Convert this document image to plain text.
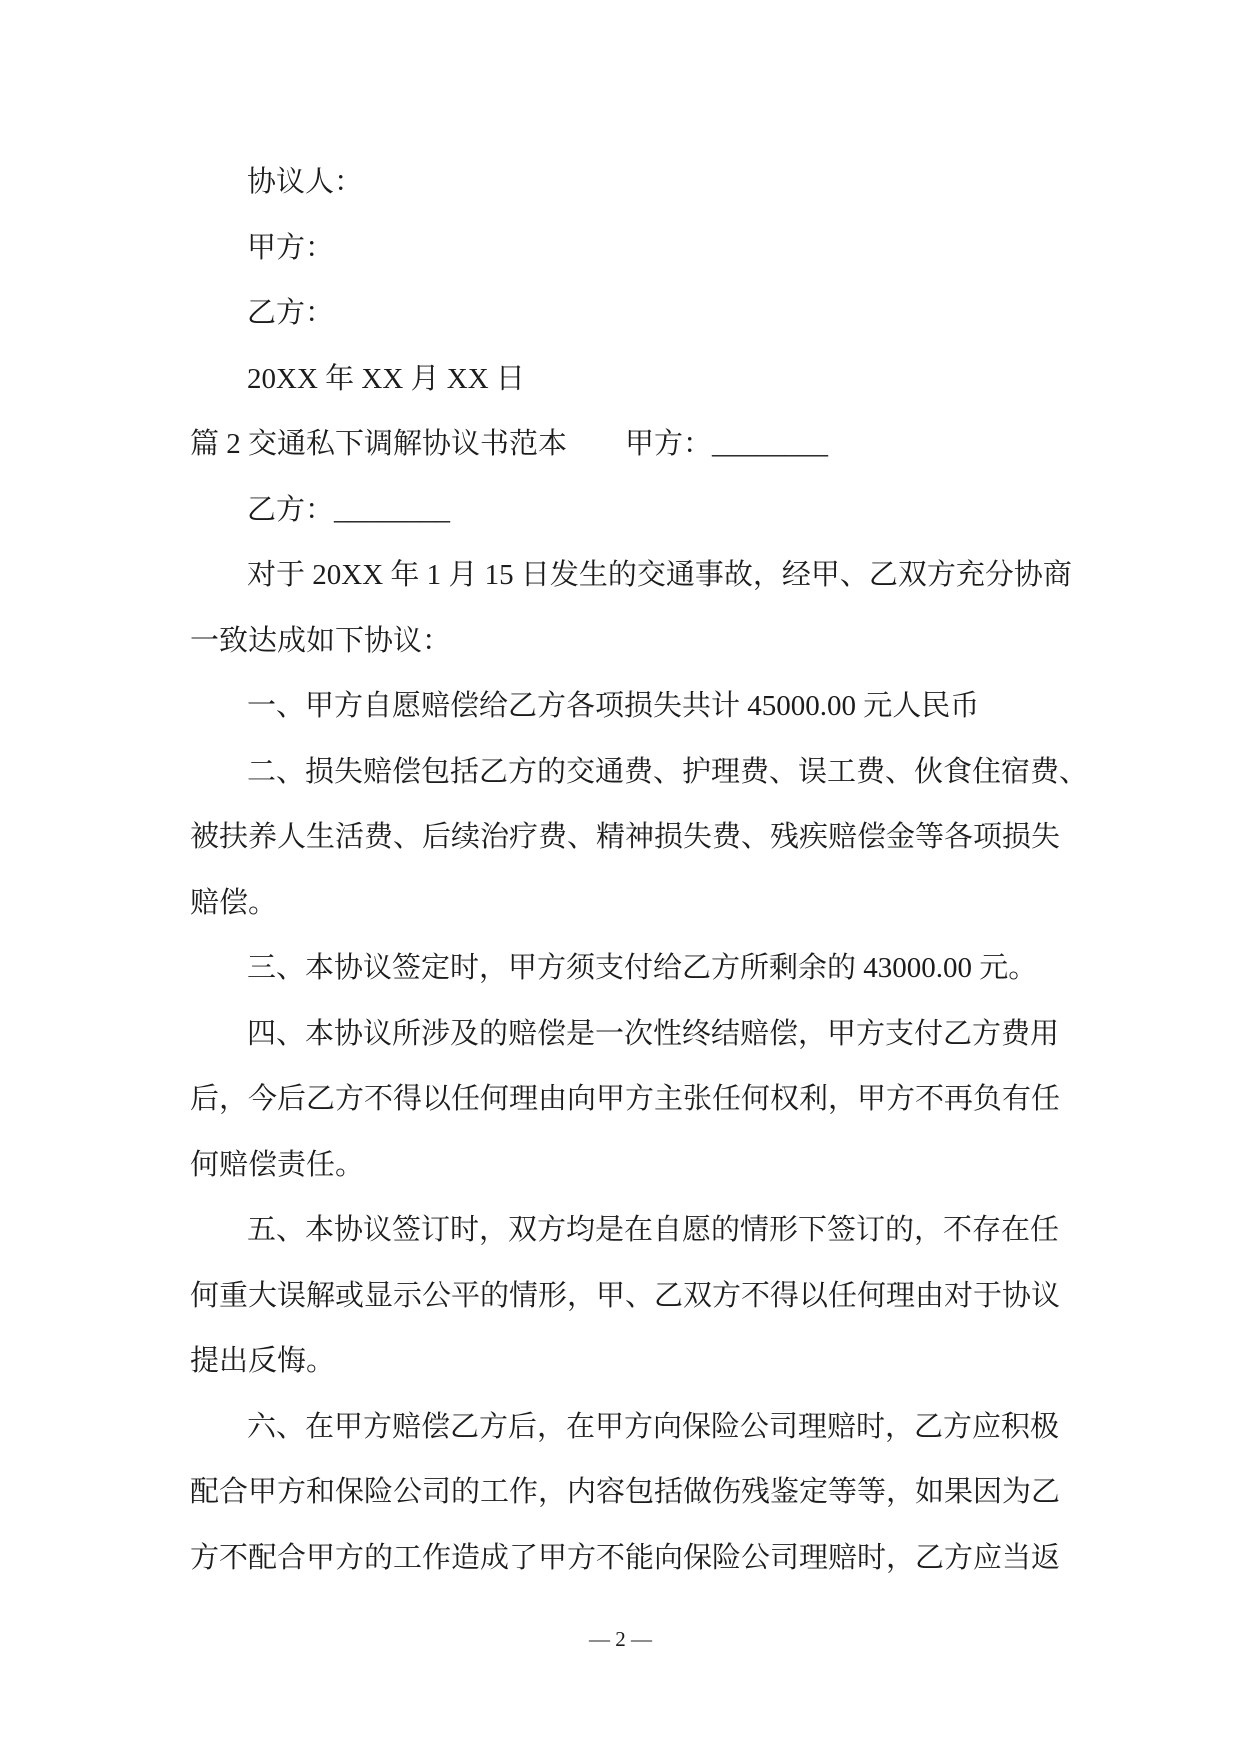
协议人：
甲方：
乙方：
20XX 年 XX 月 XX 日
篇 2 交通私下调解协议书范本　　甲方：________
乙方：________
对于 20XX 年 1 月 15 日发生的交通事故，经甲、乙双方充分协商
一致达成如下协议：
一、甲方自愿赔偿给乙方各项损失共计 45000.00 元人民币
二、损失赔偿包括乙方的交通费、护理费、误工费、伙食住宿费、
被扶养人生活费、后续治疗费、精神损失费、残疾赔偿金等各项损失
赔偿。
三、本协议签定时，甲方须支付给乙方所剩余的 43000.00 元。
四、本协议所涉及的赔偿是一次性终结赔偿，甲方支付乙方费用
后，今后乙方不得以任何理由向甲方主张任何权利，甲方不再负有任
何赔偿责任。
五、本协议签订时，双方均是在自愿的情形下签订的，不存在任
何重大误解或显示公平的情形，甲、乙双方不得以任何理由对于协议
提出反悔。
六、在甲方赔偿乙方后，在甲方向保险公司理赔时，乙方应积极
配合甲方和保险公司的工作，内容包括做伤残鉴定等等，如果因为乙
方不配合甲方的工作造成了甲方不能向保险公司理赔时，乙方应当返
— 2 —
